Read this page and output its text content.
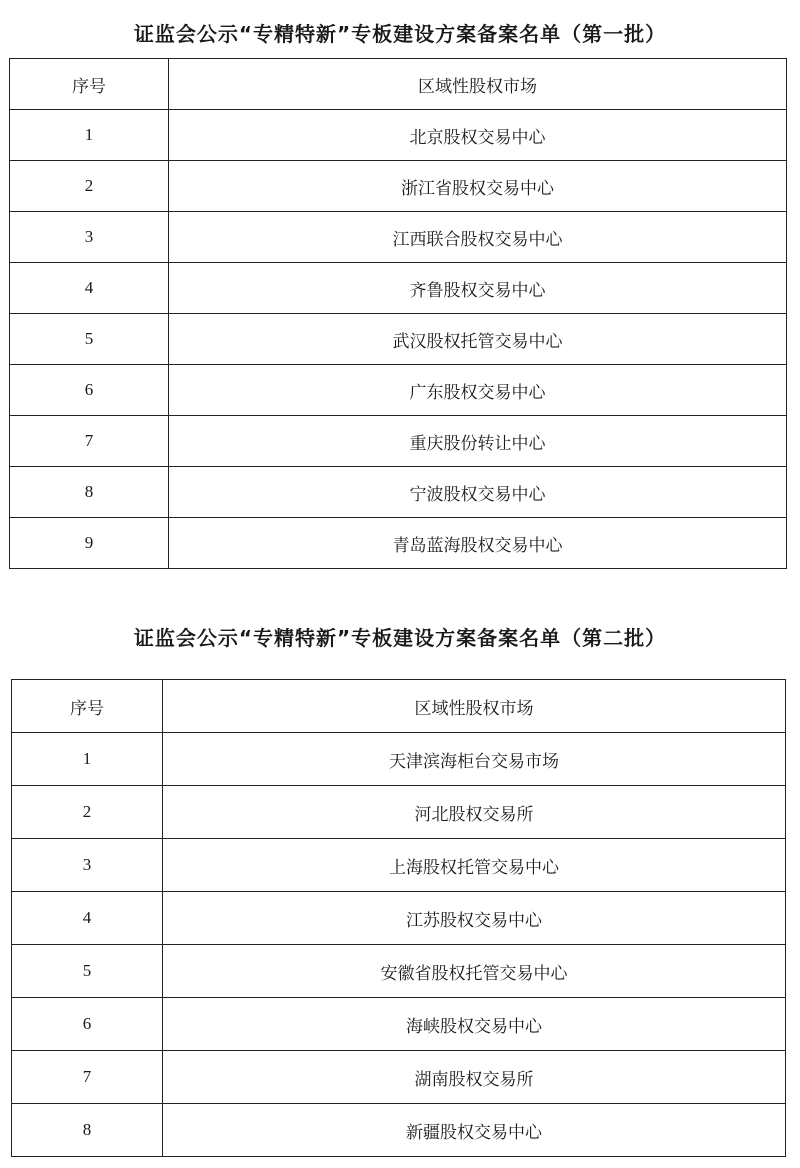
证监会公示“专精特新”专板建设方案备案名单（第一批）
序号	区域性股权市场
1	北京股权交易中心
2	浙江省股权交易中心
3	江西联合股权交易中心
4	齐鲁股权交易中心
5	武汉股权托管交易中心
6	广东股权交易中心
7	重庆股份转让中心
8	宁波股权交易中心
9	青岛蓝海股权交易中心
证监会公示“专精特新”专板建设方案备案名单（第二批）
序号	区域性股权市场
1	天津滨海柜台交易市场
2	河北股权交易所
3	上海股权托管交易中心
4	江苏股权交易中心
5	安徽省股权托管交易中心
6	海峡股权交易中心
7	湖南股权交易所
8	新疆股权交易中心
